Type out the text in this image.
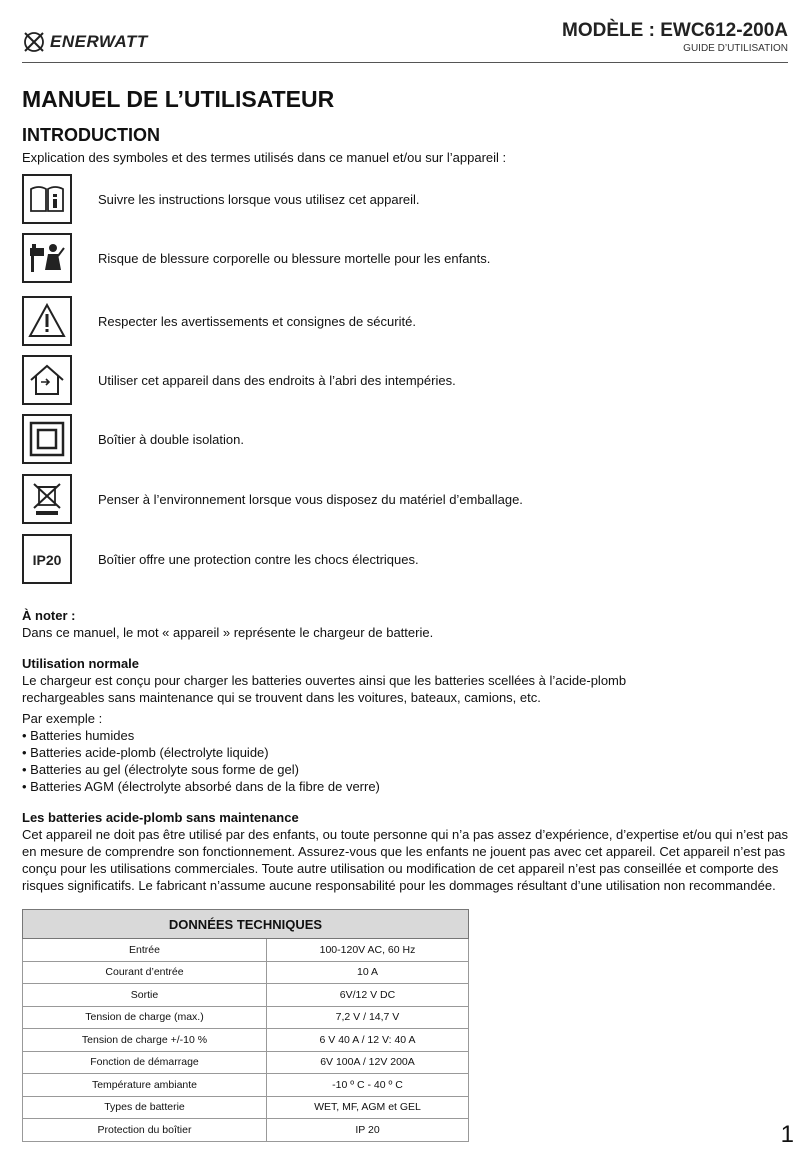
ENERWATT
MODÈLE : EWC612-200A
GUIDE D’UTILISATION
MANUEL DE L’UTILISATEUR
INTRODUCTION
Explication des symboles et des termes utilisés dans ce manuel et/ou sur l’appareil :
Suivre les instructions lorsque vous utilisez cet appareil.
Risque de blessure corporelle ou blessure mortelle pour les enfants.
Respecter les avertissements et consignes de sécurité.
Utiliser cet appareil dans des endroits à l’abri des intempéries.
Boîtier à double isolation.
Penser à l’environnement lorsque vous disposez du matériel d’emballage.
IP20	Boîtier offre une protection contre les chocs électriques.
À noter :
Dans ce manuel, le mot « appareil » représente le chargeur de batterie.
Utilisation normale
Le chargeur est conçu pour charger les batteries ouvertes ainsi que les batteries scellées à l’acide-plomb
rechargeables sans maintenance qui se trouvent dans les voitures, bateaux, camions, etc.
Par exemple :
• Batteries humides
• Batteries acide-plomb (électrolyte liquide)
• Batteries au gel (électrolyte sous forme de gel)
• Batteries AGM (électrolyte absorbé dans de la fibre de verre)
Les batteries acide-plomb sans maintenance
Cet appareil ne doit pas être utilisé par des enfants, ou toute personne qui n’a pas assez d’expérience, d’expertise et/ou qui n’est pas en mesure de comprendre son fonctionnement. Assurez-vous que les enfants ne jouent pas avec cet appareil. Cet appareil n’est pas conçu pour les utilisations commerciales. Toute autre utilisation ou modification de cet appareil n’est pas conseillée et comporte des risques significatifs. Le fabricant n’assume aucune responsabilité pour les dommages résultant d’une utilisation non recommandée.
DONNÉES TECHNIQUES	
Entrée	100-120V AC, 60 Hz
Courant d’entrée	10 A
Sortie	6V/12 V DC
Tension de charge (max.)	7,2 V / 14,7 V
Tension de charge +/-10 %	6 V 40 A / 12 V: 40 A
Fonction de démarrage	6V 100A / 12V 200A
Température ambiante	-10 º C - 40 º C
Types de batterie	WET, MF, AGM et GEL
Protection du boîtier	IP 20	1
